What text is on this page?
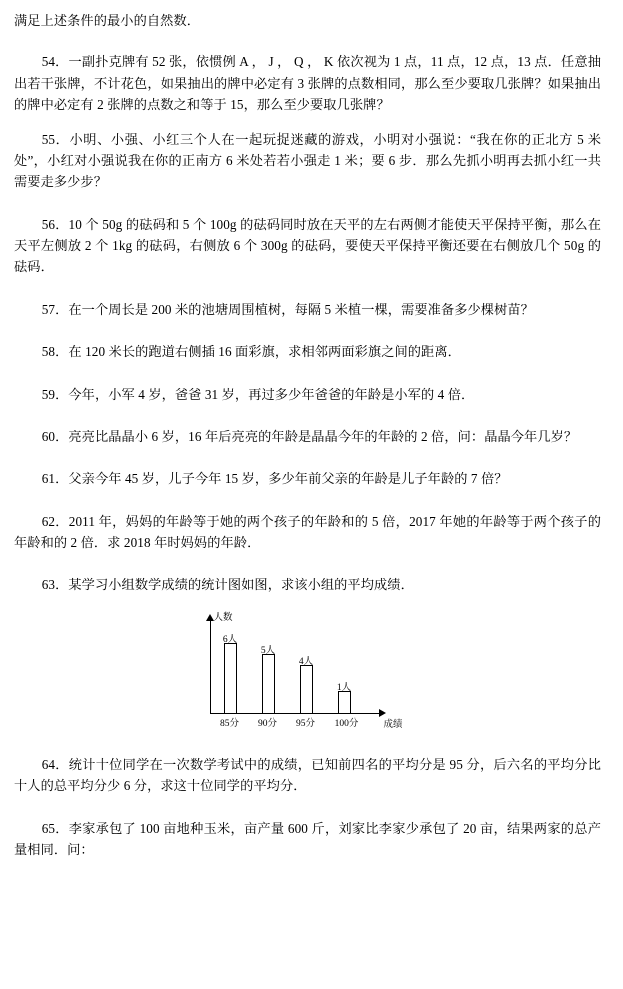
满足上述条件的最小的自然数．

54．一副扑克牌有 52 张，依惯例 A ， J ， Q ， K 依次视为 1 点，11 点，12 点，13 点．任意抽出若干张牌，不计花色，如果抽出的牌中必定有 3 张牌的点数相同，那么至少要取几张牌？如果抽出的牌中必定有 2 张牌的点数之和等于 15，那么至少要取几张牌？

55．小明、小强、小红三个人在一起玩捉迷藏的游戏，小明对小强说：“我在你的正北方 5 米处”，小红对小强说我在你的正南方 6 米处若若小强走 1 米；要 6 步．那么先抓小明再去抓小红一共需要走多少步？

56．10 个 50g 的砝码和 5 个 100g 的砝码同时放在天平的左右两侧才能使天平保持平衡，那么在天平左侧放 2 个 1kg 的砝码，右侧放 6 个 300g 的砝码，要使天平保持平衡还要在右侧放几个 50g 的砝码．

57．在一个周长是 200 米的池塘周围植树，每隔 5 米植一棵，需要准备多少棵树苗？

58．在 120 米长的跑道右侧插 16 面彩旗，求相邻两面彩旗之间的距离．

59．今年，小军 4 岁，爸爸 31 岁，再过多少年爸爸的年龄是小军的 4 倍．

60．亮亮比晶晶小 6 岁，16 年后亮亮的年龄是晶晶今年的年龄的 2 倍，问：晶晶今年几岁？

61．父亲今年 45 岁，儿子今年 15 岁，多少年前父亲的年龄是儿子年龄的 7 倍？

62．2011 年，妈妈的年龄等于她的两个孩子的年龄和的 5 倍，2017 年她的年龄等于两个孩子的年龄和的 2 倍．求 2018 年时妈妈的年龄．

63．某学习小组数学成绩的统计图如图，求该小组的平均成绩．

人数
成绩
6人
5人
4人
1人
85分 90分 95分 100分

64．统计十位同学在一次数学考试中的成绩，已知前四名的平均分是 95 分，后六名的平均分比十人的总平均分少 6 分，求这十位同学的平均分．

65．李家承包了 100 亩地种玉米，亩产量 600 斤，刘家比李家少承包了 20 亩，结果两家的总产量相同．问：
